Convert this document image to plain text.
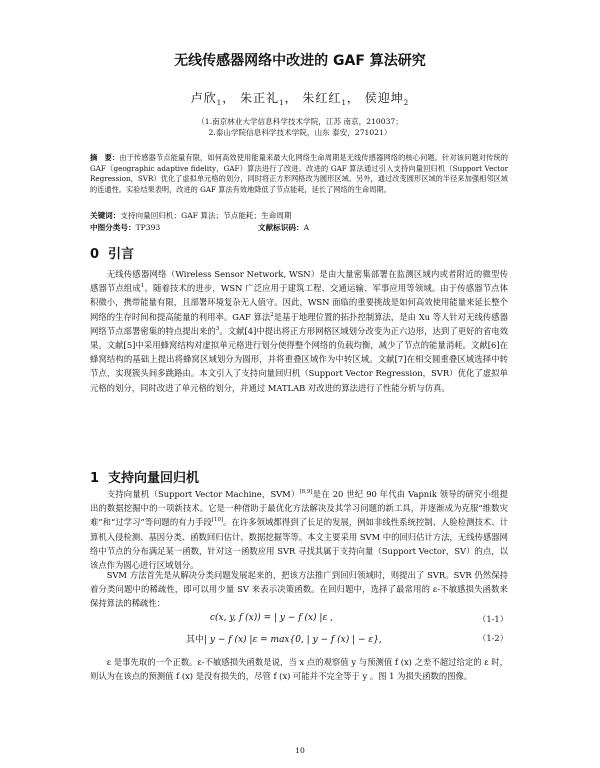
无线传感器网络中改进的 GAF 算法研究
卢欣$_1$， 朱正礼$_1$， 朱红红$_1$， 侯迎坤$_2$
（1.南京林业大学信息科学技术学院，江苏 南京，210037；
2.泰山学院信息科学技术学院，山东 泰安，271021）
摘　要：由于传感器节点能量有限，如何高效使用能量来最大化网络生命周期是无线传感器网络的核心问题。针对该问题对传统的 GAF（geographic adaptive fidelity，GAF）算法进行了改进。改进的 GAF 算法通过引入支持向量回归机（Support Vector Regression，SVR）优化了虚拟单元格的划分，同时将正方形网格改为圆形区域。另外，通过改变圆形区域的半径来加强相邻区域的连通性。实验结果表明，改进的 GAF 算法有效地降低了节点能耗，延长了网络的生命周期。
关键词：支持向量回归机；GAF 算法；节点能耗；生命周期
中图分类号：TP393	文献标识码：A
0 引言
无线传感器网络（Wireless Sensor Network, WSN）是由大量密集部署在监测区域内或者附近的微型传感器节点组成$^1$。随着技术的进步，WSN 广泛应用于建筑工程、交通运输、军事应用等领域。由于传感器节点体积微小，携带能量有限，且部署环境复杂无人值守。因此，WSN 面临的重要挑战是如何高效使用能量来延长整个网络的生存时间和提高能量的利用率。GAF 算法$^2$是基于地理位置的拓扑控制算法，是由 Xu 等人针对无线传感器网络节点部署密集的特点提出来的$^3$。文献[4]中提出将正方形网格区域划分改变为正六边形，达到了更好的省电效果。文献[5]中采用蜂窝结构对虚拟单元格进行划分使得整个网络的负载均衡，减少了节点的能量消耗。文献[6]在蜂窝结构的基础上提出将蜂窝区域划分为圆形，并将重叠区域作为中转区域。文献[7]在相交圆重叠区域选择中转节点，实现簇头间多跳路由。本文引入了支持向量回归机（Support Vector Regression，SVR）优化了虚拟单元格的划分，同时改进了单元格的划分，并通过 MATLAB 对改进的算法进行了性能分析与仿真。
1 支持向量回归机
支持向量机（Support Vector Machine，SVM）[8,9]是在 20 世纪 90 年代由 Vapnik 领导的研究小组提出的数据挖掘中的一项新技术。它是一种借助于最优化方法解决及其学习问题的新工具，并逐渐成为克服“维数灾难”和“过学习”等问题的有力手段[10]。在许多领域都得到了长足的发展，例如非线性系统控制、人脸检测技术、计算机入侵检测、基因分类、函数回归估计、数据挖掘等等。本文主要采用 SVM 中的回归估计方法，无线传感器网络中节点的分布满足某一函数，针对这一函数应用 SVR 寻找其属于支持向量（Support Vector，SV）的点，以该点作为圆心进行区域划分。
SVM 方法首先是从解决分类问题发展起来的，把该方法推广到回归领域时，则提出了 SVR。SVR 仍然保持着分类问题中的稀疏性，即可以用少量 SV 来表示决策函数。在回归题中，选择了最常用的 ε-不敏感损失函数来保持算法的稀疏性：
c(x, y, f (x)) = | y − f (x) |ε ,	（1-1）
其中| y − f (x) |ε = max{0, | y − f (x) | − ε},	（1-2）
ε 是事先取的一个正数。ε-不敏感损失函数是说，当 x 点的观察值 y 与预测值 f (x) 之差不超过给定的 ε 时，则认为在该点的预测值 f (x) 是没有损失的，尽管 f (x) 可能并不完全等于 y 。图 1 为损失函数的图像。
10
